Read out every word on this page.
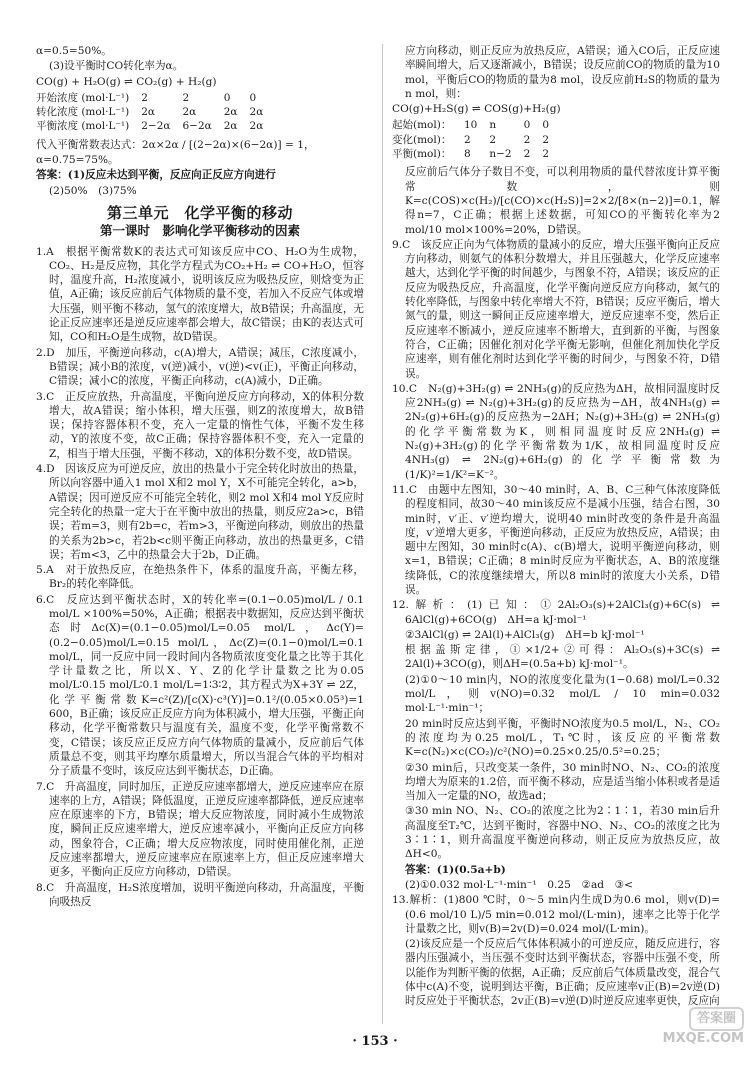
α=0.5=50%。

(3)设平衡时CO转化率为α。

CO(g) + H₂O(g) ⇌ CO₂(g) + H₂(g)

开始浓度 (mol·L⁻¹)	2	2	0	0
转化浓度 (mol·L⁻¹)	2α	2α	2α	2α
平衡浓度 (mol·L⁻¹)	2−2α	6−2α	2α	2α

代入平衡常数表达式：2α×2α / [(2−2α)×(6−2α)] = 1，

α=0.75=75%。

答案：(1)反应未达到平衡，反应向正反应方向进行

(2)50%　(3)75%

第三单元　化学平衡的移动
第一课时　影响化学平衡移动的因素

1.A　根据平衡常数K的表达式可知该反应中CO、H₂O为生成物，CO₂、H₂是反应物，其化学方程式为CO₂+H₂ ⇌ CO+H₂O，恒容时，温度升高，H₂浓度减小，说明该反应为吸热反应，则焓变为正值，A正确；该反应前后气体物质的量不变，若加入不反应气体或增大压强，则平衡不移动，氢气的浓度增大，故B错误；升高温度，无论正反应速率还是逆反应速率都会增大，故C错误；由K的表达式可知，CO和H₂O是生成物，故D错误。

2.D　加压，平衡逆向移动，c(A)增大，A错误；减压，C浓度减小，B错误；减小B的浓度，v(逆)减小，v(逆)<v(正)，平衡正向移动，C错误；减小C的浓度，平衡正向移动，c(A)减小，D正确。

3.C　正反应放热，升高温度，平衡向逆反应方向移动，X的体积分数增大，故A错误；缩小体积，增大压强，则Z的浓度增大，故B错误；保持容器体积不变，充入一定量的惰性气体，平衡不发生移动，Y的浓度不变，故C正确；保持容器体积不变，充入一定量的Z，相当于增大压强，平衡不移动，X的体积分数不变，故D错误。

4.D　因该反应为可逆反应，放出的热量小于完全转化时放出的热量，所以向容器中通入1 mol X和2 mol Y，X不可能完全转化，a>b，A错误；因可逆反应不可能完全转化，则2 mol X和4 mol Y反应时完全转化的热量一定大于在平衡中放出的热量，则反应2a>c，B错误；若m=3，则有2b=c，若m>3，平衡逆向移动，则放出的热量的关系为2b>c，若2b<c则平衡正向移动，放出的热量更多，C错误；若m<3，乙中的热量会大于2b，D正确。

5.A　对于放热反应，在绝热条件下，体系的温度升高，平衡左移，Br₂的转化率降低。

6.C　反应达到平衡状态时，X的转化率=(0.1−0.05)mol/L / 0.1 mol/L ×100%=50%，A正确；根据表中数据知，反应达到平衡状态时Δc(X)=(0.1−0.05)mol/L=0.05 mol/L，Δc(Y)=(0.2−0.05)mol/L=0.15 mol/L，Δc(Z)=(0.1−0)mol/L=0.1 mol/L，同一反应中同一段时间内各物质浓度变化量之比等于其化学计量数之比，所以X、Y、Z的化学计量数之比为0.05 mol/L∶0.15 mol/L∶0.1 mol/L=1∶3∶2，其方程式为X+3Y ⇌ 2Z，化学平衡常数K=c²(Z)/[c(X)·c³(Y)]=0.1²/(0.05×0.05³)=1 600，B正确；该反应正反应方向为体积减小，增大压强，平衡正向移动，化学平衡常数只与温度有关，温度不变，化学平衡常数不变，C错误；该反应正反应方向气体物质的量减小，反应前后气体质量总不变，则其平均摩尔质量增大，所以当混合气体的平均相对分子质量不变时，该反应达到平衡状态，D正确。

7.C　升高温度，同时加压，正逆反应速率都增大，逆反应速率应在原速率的上方，A错误；降低温度，正逆反应速率都降低，逆反应速率应在原速率的下方，B错误；增大反应物浓度，同时减小生成物浓度，瞬间正反应速率增大，逆反应速率减小，平衡向正反应方向移动，图象符合，C正确；增大反应物浓度，同时使用催化剂，正逆反应速率都增大，逆反应速率应在原速率上方，但正反应速率增大更多，平衡向正反应方向移动，D错误。

8.C　升高温度，H₂S浓度增加，说明平衡逆向移动，升高温度，平衡向吸热反

应方向移动，则正反应为放热反应，A错误；通入CO后，正反应速率瞬间增大，后又逐渐减小，B错误；设反应前CO的物质的量为10 mol，平衡后CO的物质的量为8 mol，设反应前H₂S的物质的量为n mol，则：

CO(g)+H₂S(g) ⇌ COS(g)+H₂(g)

起始(mol)：	10	n	0	0
变化(mol)：	2	2	2	2
平衡(mol)：	8	n−2	2	2

反应前后气体分子数目不变，可以利用物质的量代替浓度计算平衡常数，则K=c(COS)×c(H₂)/[c(CO)×c(H₂S)]=2×2/[8×(n−2)]=0.1，解得n=7，C正确；根据上述数据，可知CO的平衡转化率为2 mol/10 mol×100%=20%，D错误。

9.C　该反应正向为气体物质的量减小的反应，增大压强平衡向正反应方向移动，则氨气的体积分数增大，并且压强越大，化学反应速率越大，达到化学平衡的时间越少，与图象不符，A错误；该反应的正反应为吸热反应，升高温度，化学平衡向逆反应方向移动，氮气的转化率降低，与图象中转化率增大不符，B错误；反应平衡后，增大氮气的量，则这一瞬间正反应速率增大，逆反应速率不变，然后正反应速率不断减小，逆反应速率不断增大，直到新的平衡，与图象符合，C正确；因催化剂对化学平衡无影响，但催化剂加快化学反应速率，则有催化剂时达到化学平衡的时间少，与图象不符，D错误。

10.C　N₂(g)+3H₂(g) ⇌ 2NH₃(g)的反应热为ΔH，故相同温度时反应2NH₃(g) ⇌ N₂(g)+3H₂(g)的反应热为−ΔH，故4NH₃(g) ⇌ 2N₂(g)+6H₂(g)的反应热为−2ΔH；N₂(g)+3H₂(g) ⇌ 2NH₃(g)的化学平衡常数为K，则相同温度时反应2NH₃(g) ⇌ N₂(g)+3H₂(g)的化学平衡常数为1/K，故相同温度时反应4NH₃(g) ⇌ 2N₂(g)+6H₂(g)的化学平衡常数为(1/K)²=1/K²=K⁻²。

11.C　由题中左图知，30～40 min时，A、B、C三种气体浓度降低的程度相同，故30～40 min该反应不是减小压强，结合右图，30 min时，v′正、v′逆均增大，说明40 min时改变的条件是升高温度，v′逆增大更多，平衡逆向移动，正反应为放热反应，A错误；由题中左图知，30 min时c(A)、c(B)增大，说明平衡逆向移动，则x=1，B错误；C正确；8 min时反应为平衡状态，A、B的浓度继续降低，C的浓度继续增大，所以8 min时的浓度大小关系，D错误。

12.解析：(1)已知：①2Al₂O₃(s)+2AlCl₃(g)+6C(s) ⇌ 6AlCl(g)+6CO(g)　ΔH=a kJ·mol⁻¹

②3AlCl(g) ⇌ 2Al(l)+AlCl₃(g)　ΔH=b kJ·mol⁻¹

根据盖斯定律，①×1/2+②可得：Al₂O₃(s)+3C(s) ⇌ 2Al(l)+3CO(g)，则ΔH=(0.5a+b) kJ·mol⁻¹。

(2)①0～10 min内，NO的浓度变化量为(1−0.68) mol/L=0.32 mol/L，则v(NO)=0.32 mol/L / 10 min=0.032 mol·L⁻¹·min⁻¹；

20 min时反应达到平衡，平衡时NO浓度为0.5 mol/L，N₂、CO₂的浓度均为0.25 mol/L，T₁℃时，该反应的平衡常数K=c(N₂)×c(CO₂)/c²(NO)=0.25×0.25/0.5²=0.25；

②30 min后，只改变某一条件，30 min时NO、N₂、CO₂的浓度均增大为原来的1.2倍，而平衡不移动，应是适当缩小体积或者是适当加入一定量的NO，故选ad；

③30 min NO、N₂、CO₂的浓度之比为2∶1∶1，若30 min后升高温度至T₂℃，达到平衡时，容器中NO、N₂、CO₂的浓度之比为3∶1∶1，则升高温度平衡逆向移动，则正反应为放热反应，故ΔH<0。

答案：(1)(0.5a+b)

(2)①0.032 mol·L⁻¹·min⁻¹　0.25　②ad　③<

13.解析：(1)800 ℃时，0～5 min内生成D为0.6 mol，则v(D)=(0.6 mol/10 L)/5 min=0.012 mol/(L·min)，速率之比等于化学计量数之比，则v(B)=2v(D)=0.024 mol/(L·min)。

(2)该反应是一个反应后气体体积减小的可逆反应，随反应进行，容器内压强减小，当压强不变时达到平衡状态，容器中压强不变，所以能作为判断平衡的依据，A正确；反应前后气体质量改变，混合气体中c(A)不变，说明到达平衡，B正确；反应速率v正(B)=2v逆(D)时反应处于平衡状态，2v正(B)=v逆(D)时逆反应速率更快，反应向

· 153 ·
答案圈
MXQE.COM
